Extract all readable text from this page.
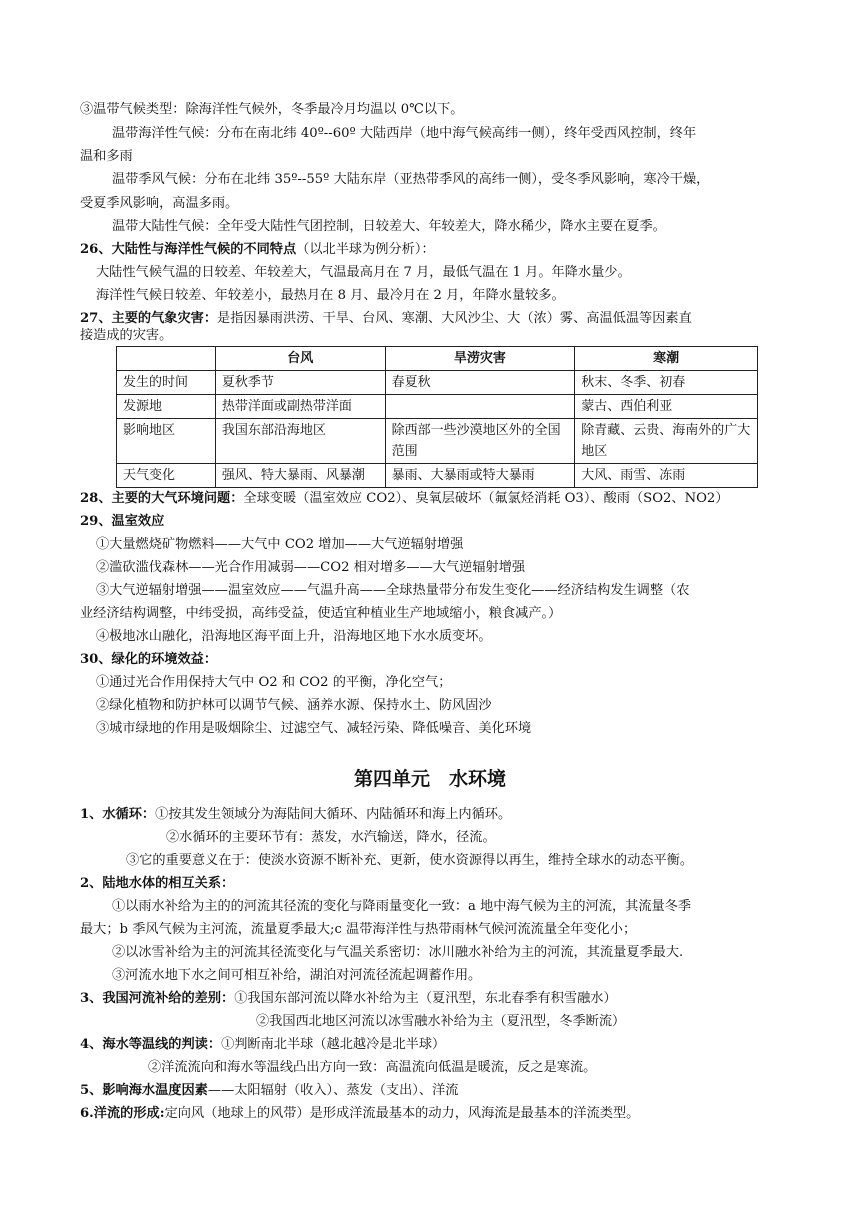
③温带气候类型：除海洋性气候外，冬季最冷月均温以 0℃以下。
温带海洋性气候：分布在南北纬 40º--60º 大陆西岸（地中海气候高纬一侧），终年受西风控制，终年
温和多雨
温带季风气候：分布在北纬 35º--55º 大陆东岸（亚热带季风的高纬一侧），受冬季风影响，寒冷干燥，
受夏季风影响，高温多雨。
温带大陆性气候：全年受大陆性气团控制，日较差大、年较差大，降水稀少，降水主要在夏季。
26、大陆性与海洋性气候的不同特点（以北半球为例分析）：
大陆性气候气温的日较差、年较差大，气温最高月在 7 月，最低气温在 1 月。年降水量少。
海洋性气候日较差、年较差小，最热月在 8 月、最冷月在 2 月，年降水量较多。
27、主要的气象灾害：是指因暴雨洪涝、干旱、台风、寒潮、大风沙尘、大（浓）雾、高温低温等因素直
接造成的灾害。
	台风	旱涝灾害	寒潮
发生的时间	夏秋季节	春夏秋	秋末、冬季、初春
发源地	热带洋面或副热带洋面		蒙古、西伯利亚
影响地区	我国东部沿海地区	除西部一些沙漠地区外的全国范围	除青藏、云贵、海南外的广大地区
天气变化	强风、特大暴雨、风暴潮	暴雨、大暴雨或特大暴雨	大风、雨雪、冻雨
28、主要的大气环境问题：全球变暖（温室效应 CO2）、臭氧层破坏（氟氯烃消耗 O3）、酸雨（SO2、NO2）
29、温室效应
①大量燃烧矿物燃料——大气中 CO2 增加——大气逆辐射增强
②滥砍滥伐森林——光合作用减弱——CO2 相对增多——大气逆辐射增强
③大气逆辐射增强——温室效应——气温升高——全球热量带分布发生变化——经济结构发生调整（农
业经济结构调整，中纬受损，高纬受益，使适宜种植业生产地域缩小，粮食减产。）
④极地冰山融化，沿海地区海平面上升，沿海地区地下水水质变坏。
30、绿化的环境效益：
①通过光合作用保持大气中 O2 和 CO2 的平衡，净化空气；
②绿化植物和防护林可以调节气候、涵养水源、保持水土、防风固沙
③城市绿地的作用是吸烟除尘、过滤空气、减轻污染、降低噪音、美化环境
第四单元　水环境
1、水循环：①按其发生领域分为海陆间大循环、内陆循环和海上内循环。
②水循环的主要环节有：蒸发，水汽输送，降水，径流。
③它的重要意义在于：使淡水资源不断补充、更新，使水资源得以再生，维持全球水的动态平衡。
2、陆地水体的相互关系：
①以雨水补给为主的的河流其径流的变化与降雨量变化一致：a 地中海气候为主的河流，其流量冬季
最大；b 季风气候为主河流，流量夏季最大;c 温带海洋性与热带雨林气候河流流量全年变化小；
②以冰雪补给为主的河流其径流变化与气温关系密切：冰川融水补给为主的河流，其流量夏季最大.
③河流水地下水之间可相互补给，湖泊对河流径流起调蓄作用。
3、我国河流补给的差别：①我国东部河流以降水补给为主（夏汛型，东北春季有积雪融水）
②我国西北地区河流以冰雪融水补给为主（夏汛型，冬季断流）
4、海水等温线的判读：①判断南北半球（越北越冷是北半球）
②洋流流向和海水等温线凸出方向一致：高温流向低温是暖流，反之是寒流。
5、影响海水温度因素——太阳辐射（收入）、蒸发（支出）、洋流
6.洋流的形成:定向风（地球上的风带）是形成洋流最基本的动力，风海流是最基本的洋流类型。
